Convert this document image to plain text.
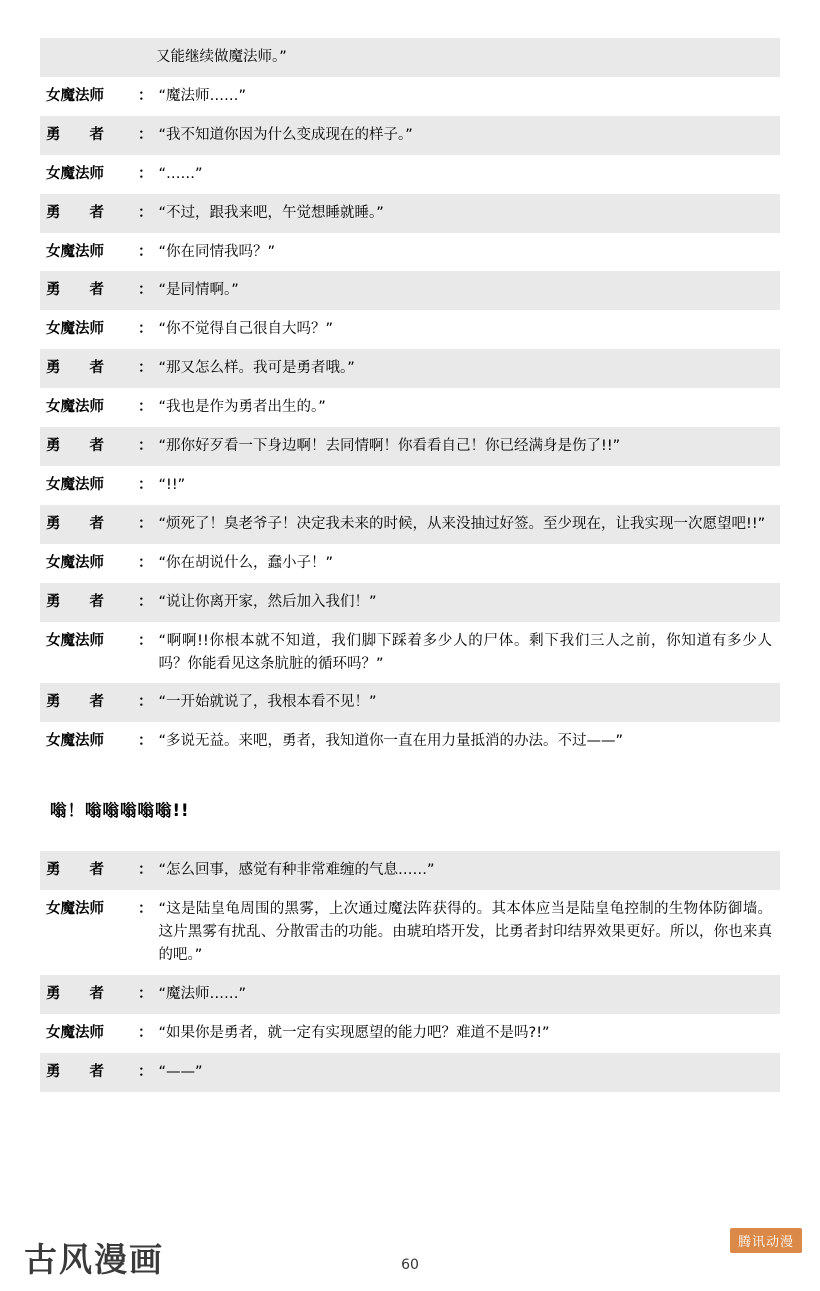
又能继续做魔法师。”
女魔法师	： “魔法师……”
勇　　者	： “我不知道你因为什么变成现在的样子。”
女魔法师	： “……”
勇　　者	： “不过，跟我来吧，午觉想睡就睡。”
女魔法师	： “你在同情我吗？”
勇　　者	： “是同情啊。”
女魔法师	： “你不觉得自己很自大吗？”
勇　　者	： “那又怎么样。我可是勇者哦。”
女魔法师	： “我也是作为勇者出生的。”
勇　　者	： “那你好歹看一下身边啊！去同情啊！你看看自己！你已经满身是伤了!!”
女魔法师	： “!!”
勇　　者	： “烦死了！臭老爷子！决定我未来的时候，从来没抽过好签。至少现在，让我实现一次愿望吧!!”
女魔法师	： “你在胡说什么，蠢小子！”
勇　　者	： “说让你离开家，然后加入我们！”
女魔法师	： “啊啊!!你根本就不知道，我们脚下踩着多少人的尸体。剩下我们三人之前，你知道有多少人吗？你能看见这条肮脏的循环吗？”
勇　　者	： “一开始就说了，我根本看不见！”
女魔法师	： “多说无益。来吧，勇者，我知道你一直在用力量抵消的办法。不过——”
嗡！嗡嗡嗡嗡嗡!!
勇　　者	： “怎么回事，感觉有种非常难缠的气息……”
女魔法师	： “这是陆皇龟周围的黑雾，上次通过魔法阵获得的。其本体应当是陆皇龟控制的生物体防御墙。这片黑雾有扰乱、分散雷击的功能。由琥珀塔开发，比勇者封印结界效果更好。所以，你也来真的吧。”
勇　　者	： “魔法师……”
女魔法师	： “如果你是勇者，就一定有实现愿望的能力吧？难道不是吗?!”
勇　　者	： “——”
古风漫画	60
腾讯动漫
